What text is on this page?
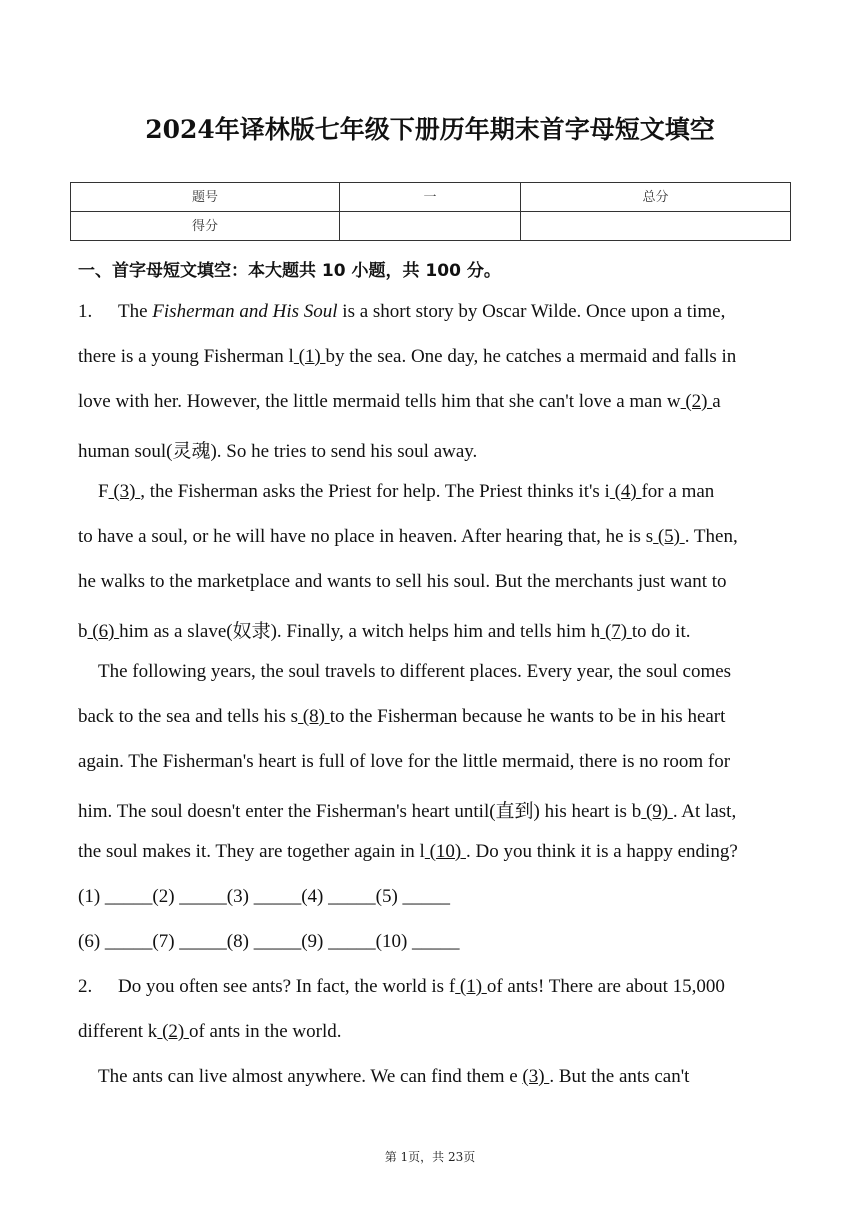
2024年译林版七年级下册历年期末首字母短文填空
题号	一	总分
得分		
一、首字母短文填空：本大题共 10 小题，共 100 分。
1. The Fisherman and His Soul is a short story by Oscar Wilde. Once upon a time,
there is a young Fisherman l (1) by the sea. One day, he catches a mermaid and falls in
love with her. However, the little mermaid tells him that she can't love a man w (2) a
human soul(灵魂). So he tries to send his soul away.
F (3) , the Fisherman asks the Priest for help. The Priest thinks it's i (4) for a man
to have a soul, or he will have no place in heaven. After hearing that, he is s (5) . Then,
he walks to the marketplace and wants to sell his soul. But the merchants just want to
b (6) him as a slave(奴隶). Finally, a witch helps him and tells him h (7) to do it.
The following years, the soul travels to different places. Every year, the soul comes
back to the sea and tells his s (8) to the Fisherman because he wants to be in his heart
again. The Fisherman's heart is full of love for the little mermaid, there is no room for
him. The soul doesn't enter the Fisherman's heart until(直到) his heart is b (9) . At last,
the soul makes it. They are together again in l (10) . Do you think it is a happy ending?
(1) _____(2) _____(3) _____(4) _____(5) _____
(6) _____(7) _____(8) _____(9) _____(10) _____
2. Do you often see ants? In fact, the world is f (1) of ants! There are about 15,000
different k (2) of ants in the world.
The ants can live almost anywhere. We can find them e (3) . But the ants can't
第 1页，共 23页
